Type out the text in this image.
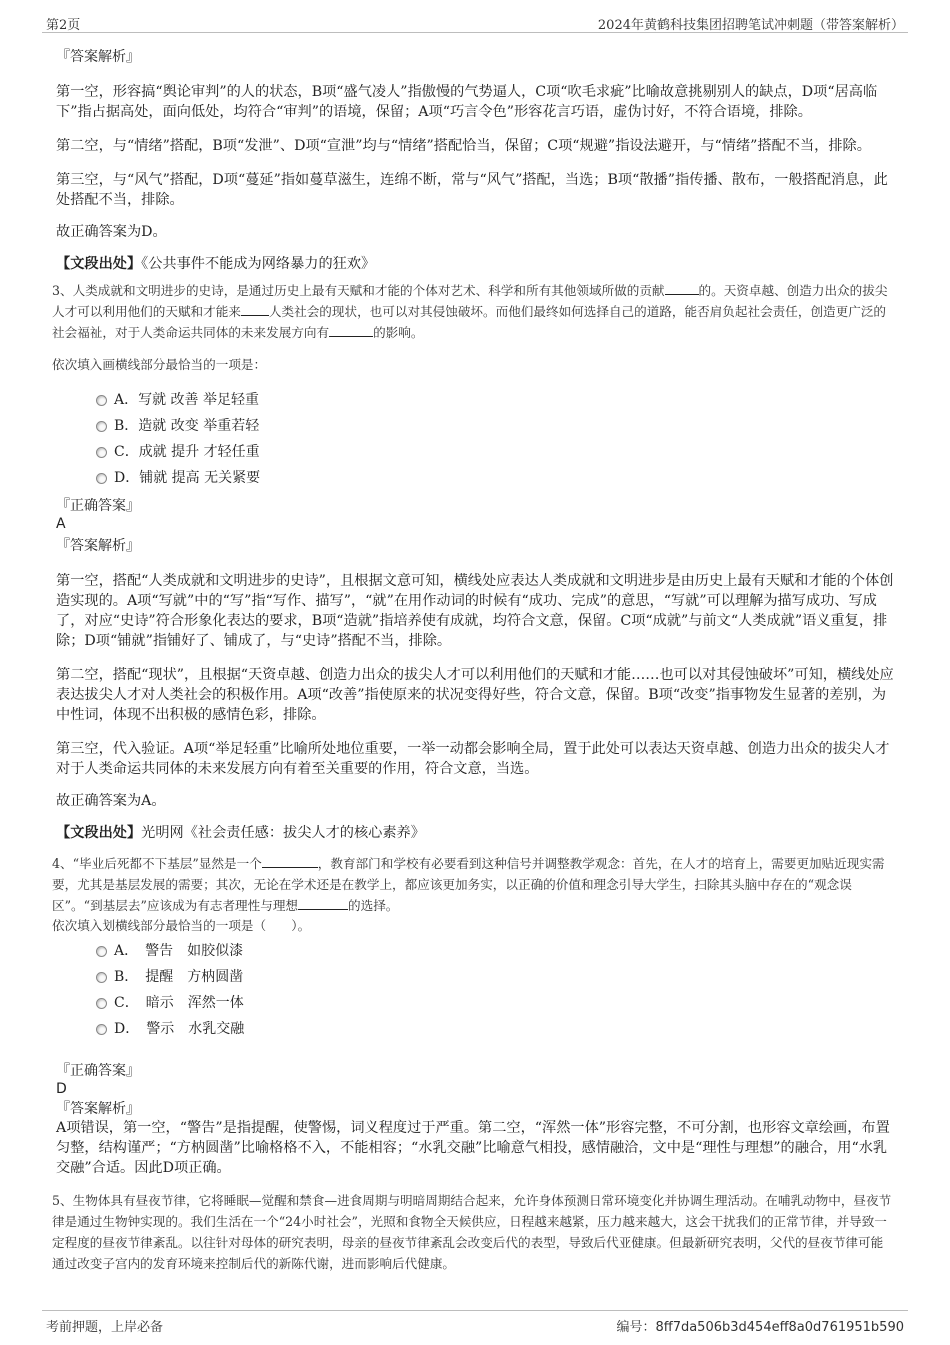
第2页	2024年黄鹤科技集团招聘笔试冲刺题（带答案解析）

『答案解析』

第一空，形容搞“舆论审判”的人的状态，B项“盛气凌人”指傲慢的气势逼人，C项“吹毛求疵”比喻故意挑剔别人的缺点，D项“居高临下”指占据高处，面向低处，均符合“审判”的语境，保留；A项“巧言令色”形容花言巧语，虚伪讨好，不符合语境，排除。

第二空，与“情绪”搭配，B项“发泄”、D项“宣泄”均与“情绪”搭配恰当，保留；C项“规避”指设法避开，与“情绪”搭配不当，排除。

第三空，与“风气”搭配，D项“蔓延”指如蔓草滋生，连绵不断，常与“风气”搭配，当选；B项“散播”指传播、散布，一般搭配消息，此处搭配不当，排除。

故正确答案为D。

【文段出处】《公共事件不能成为网络暴力的狂欢》

3、人类成就和文明进步的史诗，是通过历史上最有天赋和才能的个体对艺术、科学和所有其他领域所做的贡献	的。天资卓越、创造力出众的拔尖人才可以利用他们的天赋和才能来 人类社会的现状，也可以对其侵蚀破坏。而他们最终如何选择自己的道路，能否肩负起社会责任，创造更广泛的社会福祉，对于人类命运共同体的未来发展方向有	的影响。

依次填入画横线部分最恰当的一项是：

A．写就 改善 举足轻重
B．造就 改变 举重若轻
C．成就 提升 才轻任重
D．铺就 提高 无关紧要

『正确答案』

A

『答案解析』

第一空，搭配“人类成就和文明进步的史诗”，且根据文意可知，横线处应表达人类成就和文明进步是由历史上最有天赋和才能的个体创造实现的。A项“写就”中的“写”指“写作、描写”，“就”在用作动词的时候有“成功、完成”的意思，“写就”可以理解为描写成功、写成了，对应“史诗”符合形象化表达的要求，B项“造就”指培养使有成就，均符合文意，保留。C项“成就”与前文“人类成就”语义重复，排除；D项“铺就”指铺好了、铺成了，与“史诗”搭配不当，排除。

第二空，搭配“现状”，且根据“天资卓越、创造力出众的拔尖人才可以利用他们的天赋和才能……也可以对其侵蚀破坏”可知，横线处应表达拔尖人才对人类社会的积极作用。A项“改善”指使原来的状况变得好些，符合文意，保留。B项“改变”指事物发生显著的差别，为中性词，体现不出积极的感情色彩，排除。

第三空，代入验证。A项“举足轻重”比喻所处地位重要，一举一动都会影响全局，置于此处可以表达天资卓越、创造力出众的拔尖人才对于人类命运共同体的未来发展方向有着至关重要的作用，符合文意，当选。

故正确答案为A。

【文段出处】光明网《社会责任感：拔尖人才的核心素养》

4、“毕业后死都不下基层”显然是一个	，教育部门和学校有必要看到这种信号并调整教学观念：首先，在人才的培育上，需要更加贴近现实需要，尤其是基层发展的需要；其次，无论在学术还是在教学上，都应该更加务实，以正确的价值和理念引导大学生，扫除其头脑中存在的“观念误区”。“到基层去”应该成为有志者理性与理想	的选择。

依次填入划横线部分最恰当的一项是（　　）。

A．　警告　如胶似漆
B．　提醒　方枘圆凿
C．　暗示　浑然一体
D．　警示　水乳交融

『正确答案』

D

『答案解析』

A项错误，第一空，“警告”是指提醒，使警惕，词义程度过于严重。第二空，“浑然一体”形容完整，不可分割，也形容文章绘画，布置匀整，结构谨严；“方枘圆凿”比喻格格不入，不能相容；“水乳交融”比喻意气相投，感情融洽，文中是“理性与理想”的融合，用“水乳交融”合适。因此D项正确。

5、生物体具有昼夜节律，它将睡眠—觉醒和禁食—进食周期与明暗周期结合起来，允许身体预测日常环境变化并协调生理活动。在哺乳动物中，昼夜节律是通过生物钟实现的。我们生活在一个“24小时社会”，光照和食物全天候供应，日程越来越紧，压力越来越大，这会干扰我们的正常节律，并导致一定程度的昼夜节律紊乱。以往针对母体的研究表明，母亲的昼夜节律紊乱会改变后代的表型，导致后代亚健康。但最新研究表明，父代的昼夜节律可能通过改变子宫内的发育环境来控制后代的新陈代谢，进而影响后代健康。

考前押题，上岸必备	编号：8ff7da506b3d454eff8a0d761951b590
